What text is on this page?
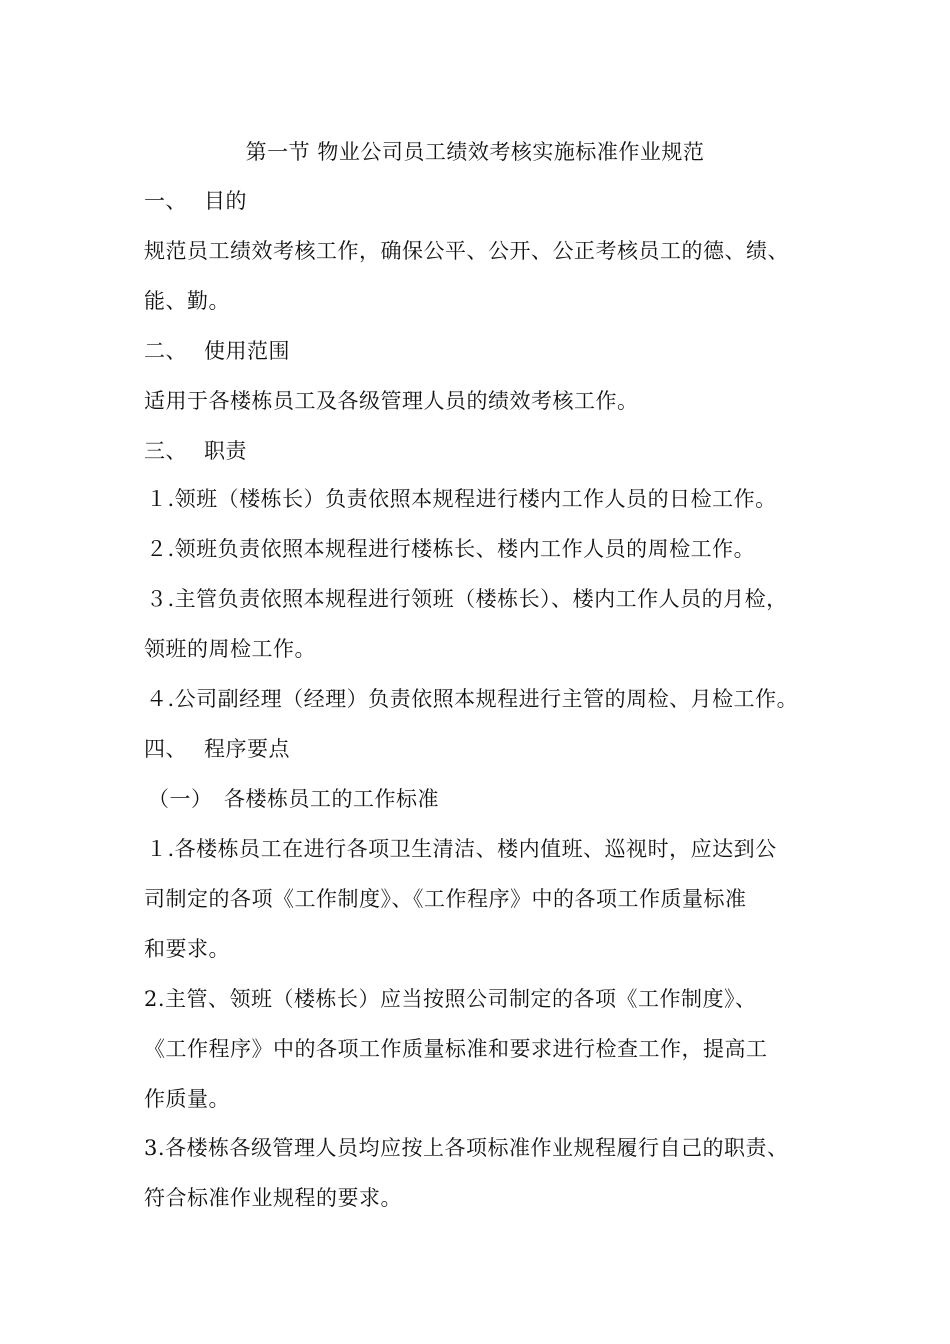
第一节 物业公司员工绩效考核实施标准作业规范
一、 目的
规范员工绩效考核工作，确保公平、公开、公正考核员工的德、绩、
能、勤。
二、 使用范围
适用于各楼栋员工及各级管理人员的绩效考核工作。
三、 职责
１.领班（楼栋长）负责依照本规程进行楼内工作人员的日检工作。
２.领班负责依照本规程进行楼栋长、楼内工作人员的周检工作。
３.主管负责依照本规程进行领班（楼栋长）、楼内工作人员的月检，
领班的周检工作。
４.公司副经理（经理）负责依照本规程进行主管的周检、月检工作。
四、 程序要点
（一） 各楼栋员工的工作标准
１.各楼栋员工在进行各项卫生清洁、楼内值班、巡视时，应达到公
司制定的各项《工作制度》、《工作程序》中的各项工作质量标准
和要求。
2.主管、领班（楼栋长）应当按照公司制定的各项《工作制度》、
《工作程序》中的各项工作质量标准和要求进行检查工作，提高工
作质量。
3.各楼栋各级管理人员均应按上各项标准作业规程履行自己的职责、
符合标准作业规程的要求。
